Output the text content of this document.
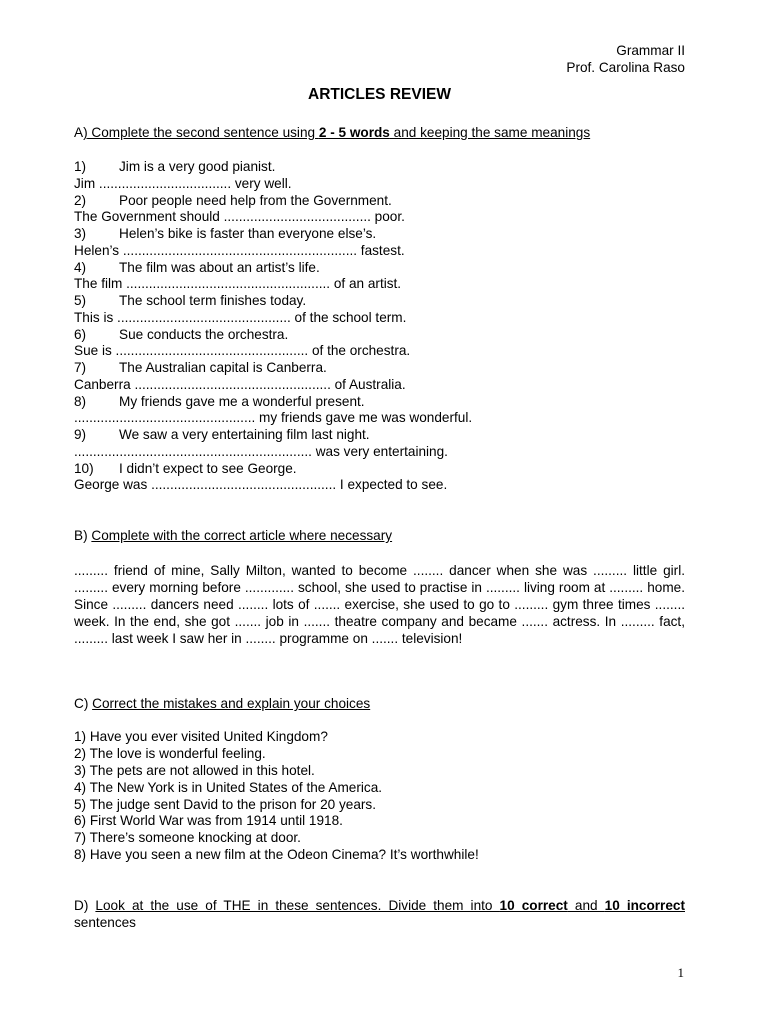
Grammar II
Prof. Carolina Raso
ARTICLES REVIEW
A) Complete the second sentence using 2 - 5 words and keeping the same meanings
1) Jim is a very good pianist.
Jim ................................... very well.
2) Poor people need help from the Government.
The Government should ....................................... poor.
3) Helen’s bike is faster than everyone else’s.
Helen’s .............................................................. fastest.
4) The film was about an artist’s life.
The film ...................................................... of an artist.
5) The school term finishes today.
This is .............................................. of the school term.
6) Sue conducts the orchestra.
Sue is ................................................... of the orchestra.
7) The Australian capital is Canberra.
Canberra .................................................... of Australia.
8) My friends gave me a wonderful present.
................................................ my friends gave me was wonderful.
9) We saw a very entertaining film last night.
............................................................... was very entertaining.
10) I didn’t expect to see George.
George was ................................................. I expected to see.
B) Complete with the correct article where necessary
......... friend of mine, Sally Milton, wanted to become ........ dancer when she was ......... little girl. ......... every morning before ............. school, she used to practise in ......... living room at ......... home. Since ......... dancers need ........ lots of ....... exercise, she used to go to ......... gym three times ........ week. In the end, she got ....... job in ....... theatre company and became ....... actress. In ......... fact, ......... last week I saw her in ........ programme on ....... television!
C) Correct the mistakes and explain your choices
1) Have you ever visited United Kingdom?
2) The love is wonderful feeling.
3) The pets are not allowed in this hotel.
4) The New York is in United States of the America.
5) The judge sent David to the prison for 20 years.
6) First World War was from 1914 until 1918.
7) There’s someone knocking at door.
8) Have you seen a new film at the Odeon Cinema? It’s worthwhile!
D) Look at the use of THE in these sentences. Divide them into 10 correct and 10 incorrect sentences
1
